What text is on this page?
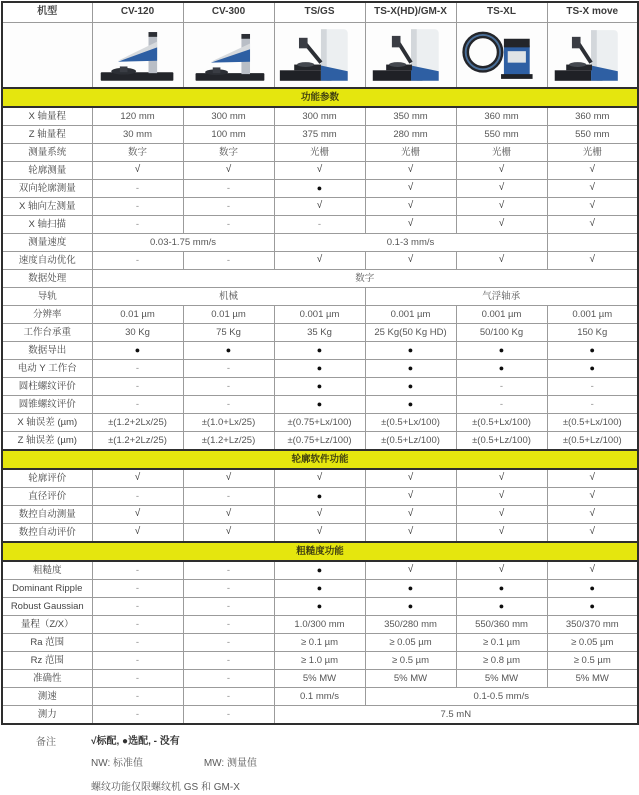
机型	CV-120	CV-300	TS/GS	TS-X(HD)/GM-X	TS-XL	TS-X move

功能参数						
X 轴量程	120 mm	300 mm	300 mm	350 mm	360 mm	360 mm
Z 轴量程	30 mm	100 mm	375 mm	280 mm	550 mm	550 mm
测量系统	数字	数字	光栅	光栅	光栅	光栅
轮廓测量	√	√	√	√	√	√
双向轮廓测量	-	-	●	√	√	√
X 轴向左测量	-	-	√	√	√	√
X 轴扫描	-	-	-	√	√	√
测量速度	0.03-1.75 mm/s		0.1-3 mm/s			
速度自动优化	-	-	√	√	√	√
数据处理	数字					
导轨	机械			气浮轴承		
分辨率	0.01 µm	0.01 µm	0.001 µm	0.001 µm	0.001 µm	0.001 µm
工作台承重	30 Kg	75 Kg	35 Kg	25 Kg(50 Kg HD)	50/100 Kg	150 Kg
数据导出	●	●	●	●	●	●
电动 Y 工作台	-	-	●	●	●	●
圆柱螺纹评价	-	-	●	●	-	-
圆锥螺纹评价	-	-	●	●	-	-
X 轴误差 (µm)	±(1.2+2Lx/25)	±(1.0+Lx/25)	±(0.75+Lx/100)	±(0.5+Lx/100)	±(0.5+Lx/100)	±(0.5+Lx/100)
Z 轴误差 (µm)	±(1.2+2Lz/25)	±(1.2+Lz/25)	±(0.75+Lz/100)	±(0.5+Lz/100)	±(0.5+Lz/100)	±(0.5+Lz/100)
轮廓软件功能						
轮廓评价	√	√	√	√	√	√
直径评价	-	-	●	√	√	√
数控自动测量	√	√	√	√	√	√
数控自动评价	√	√	√	√	√	√
粗糙度功能						
粗糙度	-	-	●	√	√	√
Dominant Ripple	-	-	●	●	●	●
Robust Gaussian	-	-	●	●	●	●
量程（Z/X）	-	-	1.0/300 mm	350/280 mm	550/360 mm	350/370 mm
Ra 范围	-	-	≥ 0.1 µm	≥ 0.05 µm	≥ 0.1 µm	≥ 0.05 µm
Rz 范围	-	-	≥ 1.0 µm	≥ 0.5 µm	≥ 0.8 µm	≥ 0.5 µm
准确性	-	-	5% MW	5% MW	5% MW	5% MW
测速	-	-	0.1 mm/s	0.1-0.5 mm/s		
测力	-	-	7.5 mN			
备注	√标配, ●选配, - 没有
NW: 标准值	MW: 测量值
螺纹功能仅限螺纹机 GS 和 GM-X
